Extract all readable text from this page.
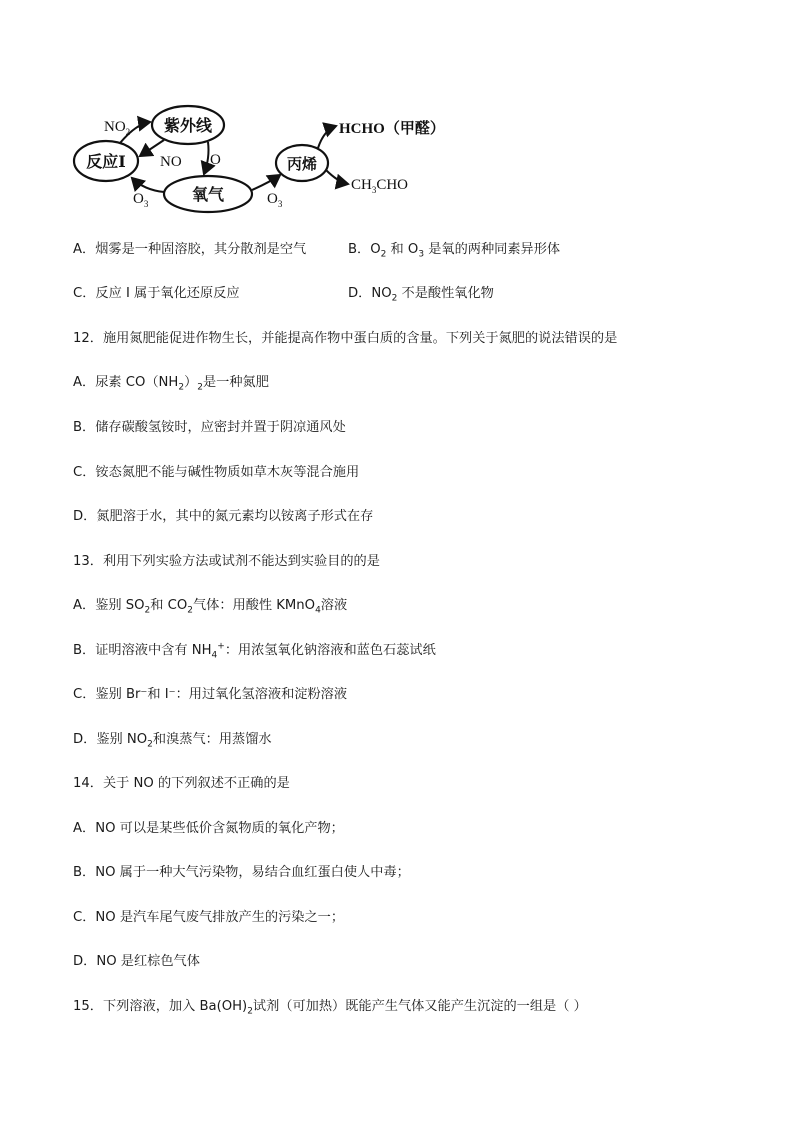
反应I
紫外线
氧气
丙烯
$NO_2$
NO O
$O_3$	$O_3$
HCHO（甲醛）
$CH_3CHO$
A．烟雾是一种固溶胶，其分散剂是空气	B．$O_2$ 和 $O_3$ 是氧的两种同素异形体
C．反应 I 属于氧化还原反应	D．$NO_2$ 不是酸性氧化物
12．施用氮肥能促进作物生长，并能提高作物中蛋白质的含量。下列关于氮肥的说法错误的是
A．尿素 $CO(NH_2)_2$是一种氮肥
B．储存碳酸氢铵时，应密封并置于阴凉通风处
C．铵态氮肥不能与碱性物质如草木灰等混合施用
D．氮肥溶于水，其中的氮元素均以铵离子形式在存
13．利用下列实验方法或试剂不能达到实验目的的是
A．鉴别 $SO_2$和 $CO_2$气体：用酸性 KMnO$_4$溶液
B．证明溶液中含有 $NH_4^+$：用浓氢氧化钠溶液和蓝色石蕊试纸
C．鉴别 Br⁻和 I⁻：用过氧化氢溶液和淀粉溶液
D．鉴别 $NO_2$和溴蒸气：用蒸馏水
14．关于 NO 的下列叙述不正确的是
A．NO 可以是某些低价含氮物质的氧化产物；
B．NO 属于一种大气污染物，易结合血红蛋白使人中毒；
C．NO 是汽车尾气废气排放产生的污染之一；
D．NO 是红棕色气体
15．下列溶液，加入 $Ba(OH)_2$试剂（可加热）既能产生气体又能产生沉淀的一组是（ ）
